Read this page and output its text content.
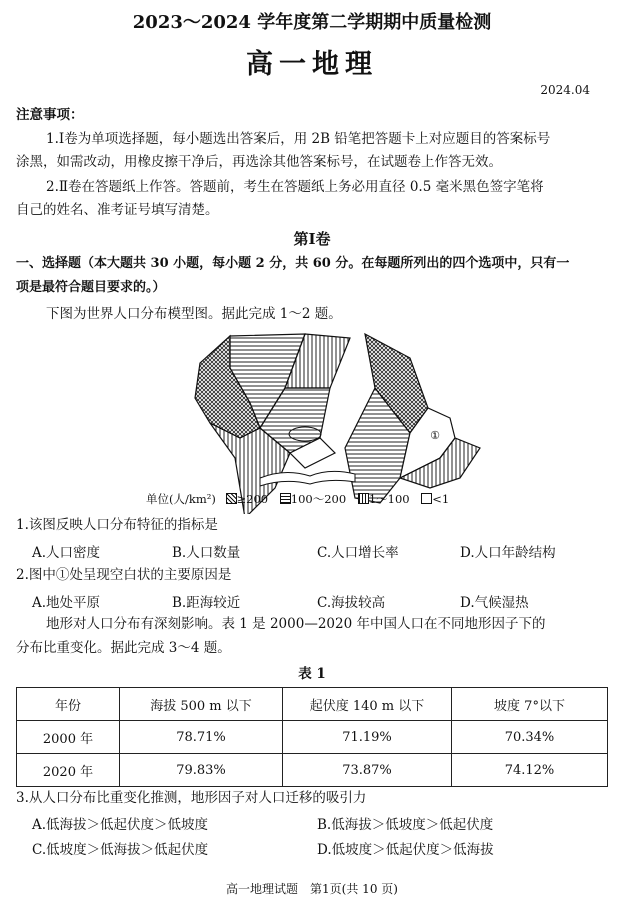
2023～2024 学年度第二学期期中质量检测
高一地理
2024.04
注意事项：
1.Ⅰ卷为单项选择题，每小题选出答案后，用 2B 铅笔把答题卡上对应题目的答案标号
涂黑，如需改动，用橡皮擦干净后，再选涂其他答案标号，在试题卷上作答无效。
2.Ⅱ卷在答题纸上作答。答题前，考生在答题纸上务必用直径 0.5 毫米黑色签字笔将
自己的姓名、准考证号填写清楚。
第Ⅰ卷
一、选择题（本大题共 30 小题，每小题 2 分，共 60 分。在每题所列出的四个选项中，只有一
项是最符合题目要求的。）
下图为世界人口分布模型图。据此完成 1～2 题。
①
单位(人/km²) ≥200 100～200 1～100 <1
1.该图反映人口分布特征的指标是
A.人口密度	B.人口数量	C.人口增长率	D.人口年龄结构
2.图中①处呈现空白状的主要原因是
A.地处平原	B.距海较近	C.海拔较高	D.气候湿热
地形对人口分布有深刻影响。表 1 是 2000—2020 年中国人口在不同地形因子下的
分布比重变化。据此完成 3～4 题。
表 1
年份	海拔 500 m 以下	起伏度 140 m 以下	坡度 7°以下
2000 年	78.71%	71.19%	70.34%
2020 年	79.83%	73.87%	74.12%
3.从人口分布比重变化推测，地形因子对人口迁移的吸引力
A.低海拔＞低起伏度＞低坡度	B.低海拔＞低坡度＞低起伏度
C.低坡度＞低海拔＞低起伏度	D.低坡度＞低起伏度＞低海拔
高一地理试题　第1页(共 10 页)
